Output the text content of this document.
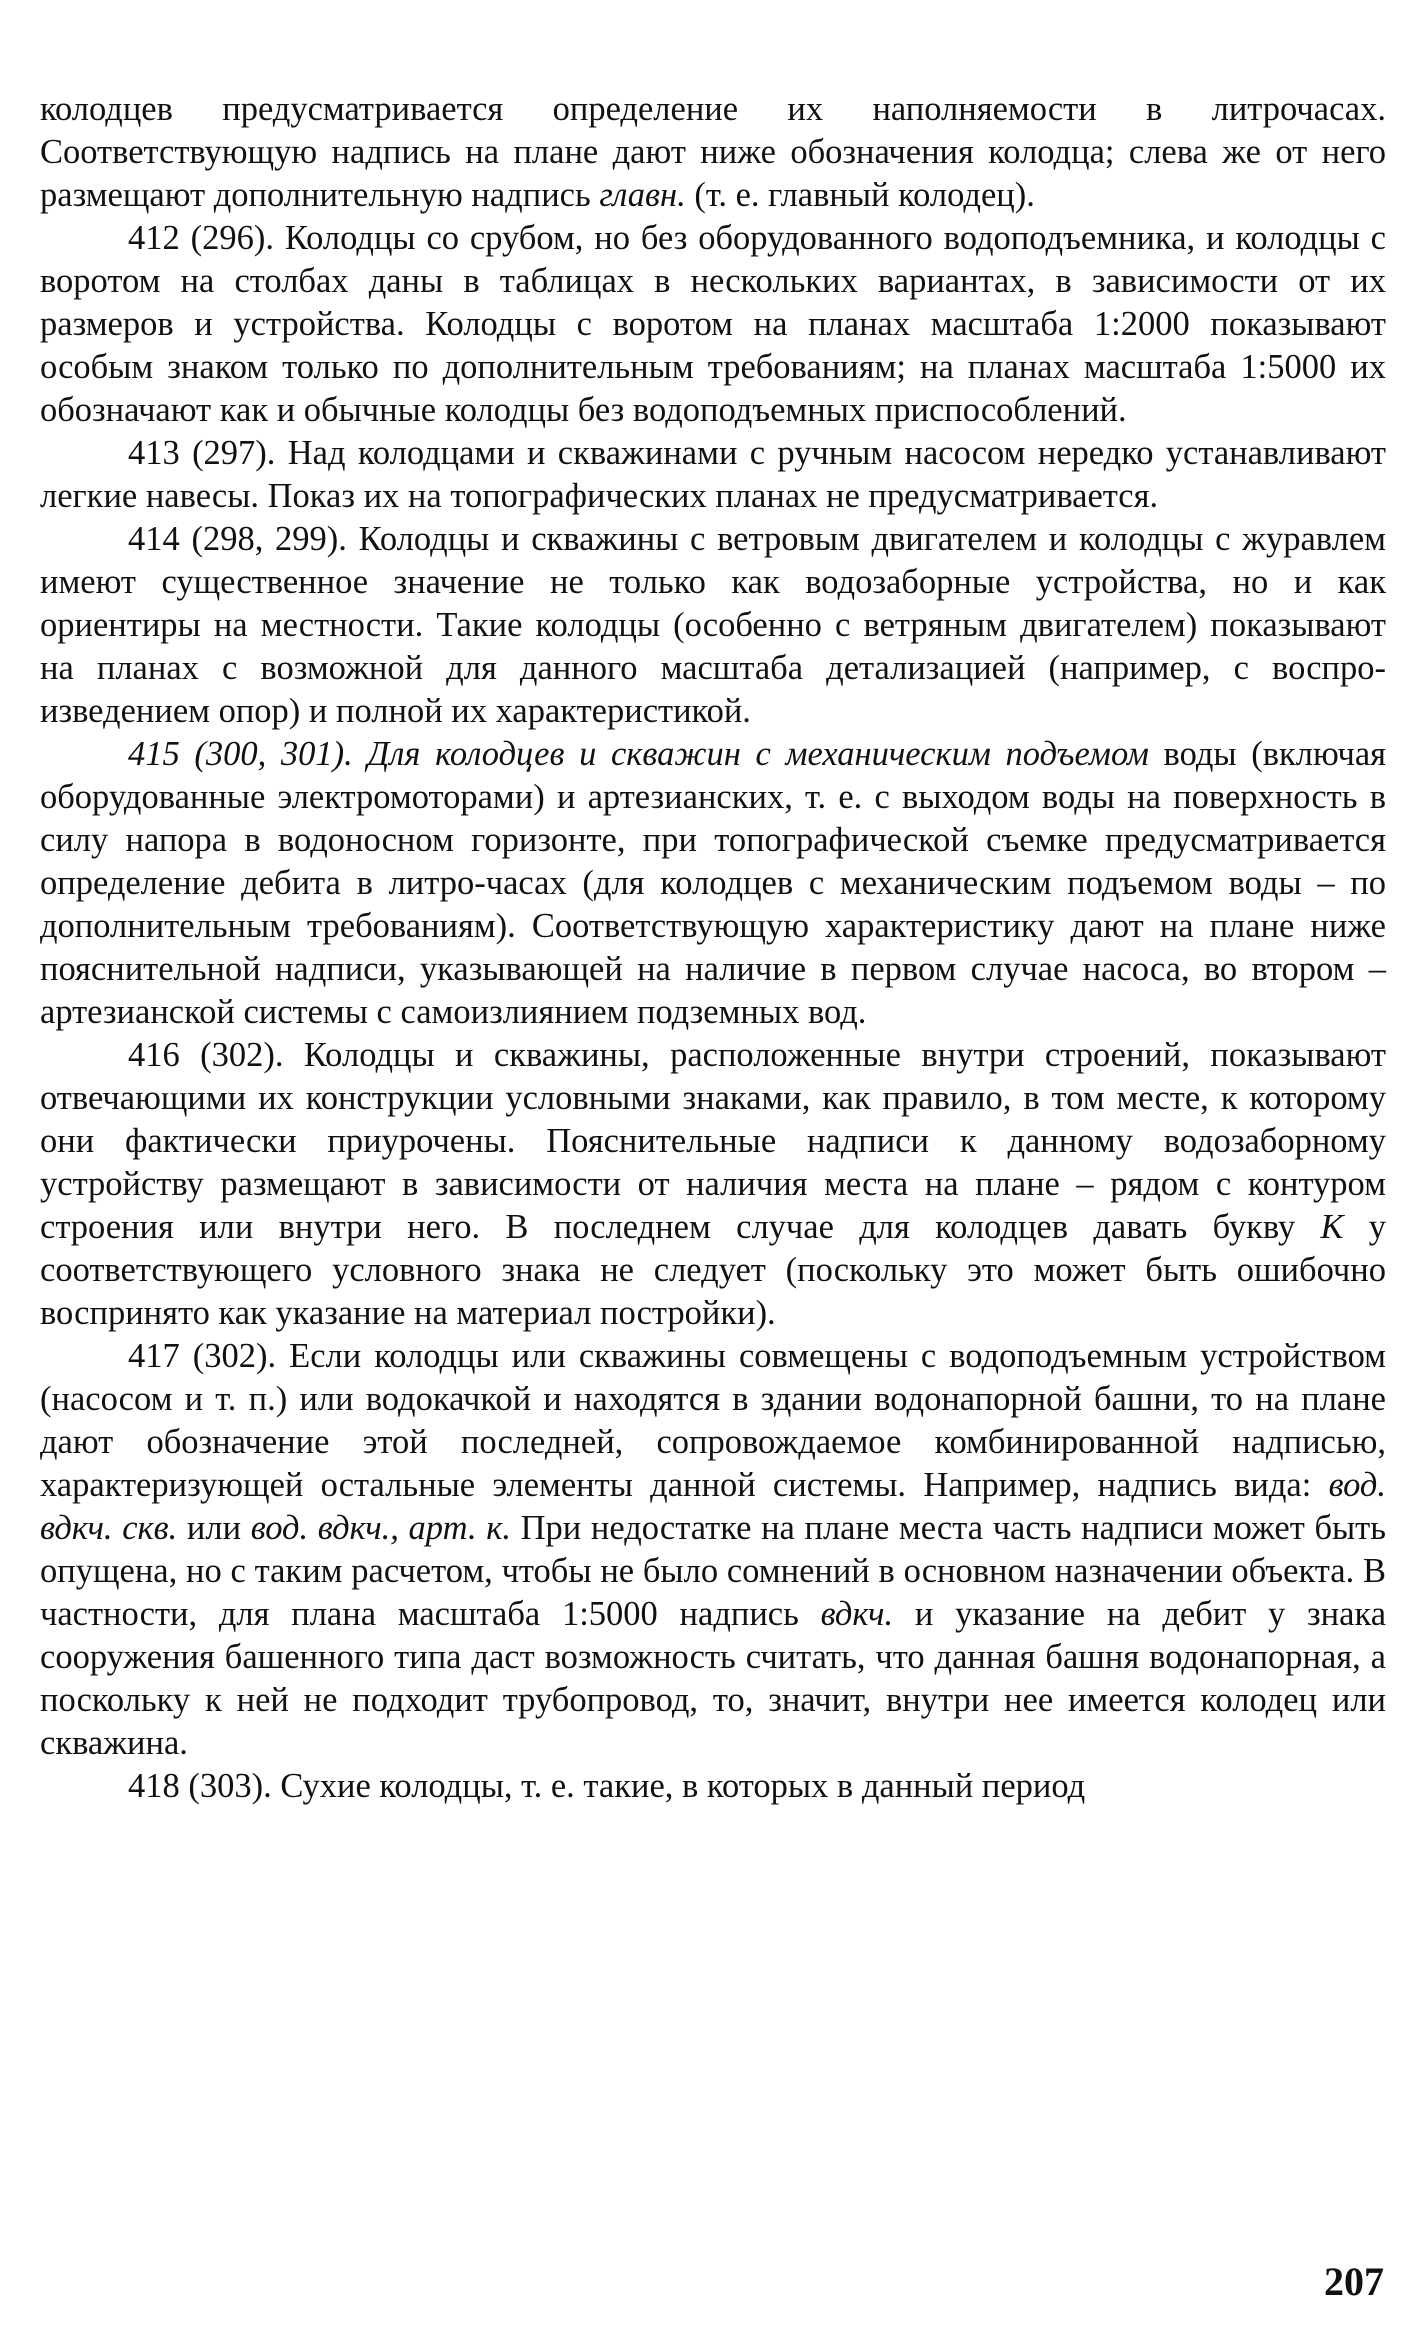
колодцев предусматривается определение их наполняемости в литрочасах. Соответствующую надпись на плане дают ниже обозначения колодца; слева же от него размещают дополнительную надпись главн. (т. е. главный колодец).

412 (296). Колодцы со срубом, но без оборудованного водоподъемника, и колодцы с воротом на столбах даны в таблицах в нескольких вариантах, в зависимости от их размеров и устройства. Колодцы с воротом на планах масштаба 1:2000 показывают особым знаком только по дополнительным требованиям; на планах масштаба 1:5000 их обозначают как и обычные колодцы без водоподъемных приспособлений.

413 (297). Над колодцами и скважинами с ручным насосом нередко устанавливают легкие навесы. Показ их на топографических планах не предусматривается.

414 (298, 299). Колодцы и скважины с ветровым двигателем и колодцы с журавлем имеют существенное значение не только как водозаборные устройства, но и как ориентиры на местности. Такие колодцы (особенно с ветряным двигателем) показывают на планах с возможной для данного масштаба детализацией (например, с воспроизведением опор) и полной их характеристикой.

415 (300, 301). Для колодцев и скважин с механическим подъемом воды (включая оборудованные электромоторами) и артезианских, т. е. с выходом воды на поверхность в силу напора в водоносном горизонте, при топографической съемке предусматривается определение дебита в литро-часах (для колодцев с механическим подъемом воды – по дополнительным требованиям). Соответствующую характеристику дают на плане ниже пояснительной надписи, указывающей на наличие в первом случае насоса, во втором – артезианской системы с самоизлиянием подземных вод.

416 (302). Колодцы и скважины, расположенные внутри строений, показывают отвечающими их конструкции условными знаками, как правило, в том месте, к которому они фактически приурочены. Пояснительные надписи к данному водозаборному устройству размещают в зависимости от наличия места на плане – рядом с контуром строения или внутри него. В последнем случае для колодцев давать букву К у соответствующего условного знака не следует (поскольку это может быть ошибочно воспринято как указание на материал постройки).

417 (302). Если колодцы или скважины совмещены с водоподъемным устройством (насосом и т. п.) или водокачкой и находятся в здании водонапорной башни, то на плане дают обозначение этой последней, сопровождаемое комбинированной надписью, характеризующей остальные элементы данной системы. Например, надпись вида: вод. вдкч. скв. или вод. вдкч., арт. к. При недостатке на плане места часть надписи может быть опущена, но с таким расчетом, чтобы не было сомнений в основном назначении объекта. В частности, для плана масштаба 1:5000 надпись вдкч. и указание на дебит у знака сооружения башенного типа даст возможность считать, что данная башня водонапорная, а поскольку к ней не подходит трубопровод, то, значит, внутри нее имеется колодец или скважина.

418 (303). Сухие колодцы, т. е. такие, в которых в данный период

207
